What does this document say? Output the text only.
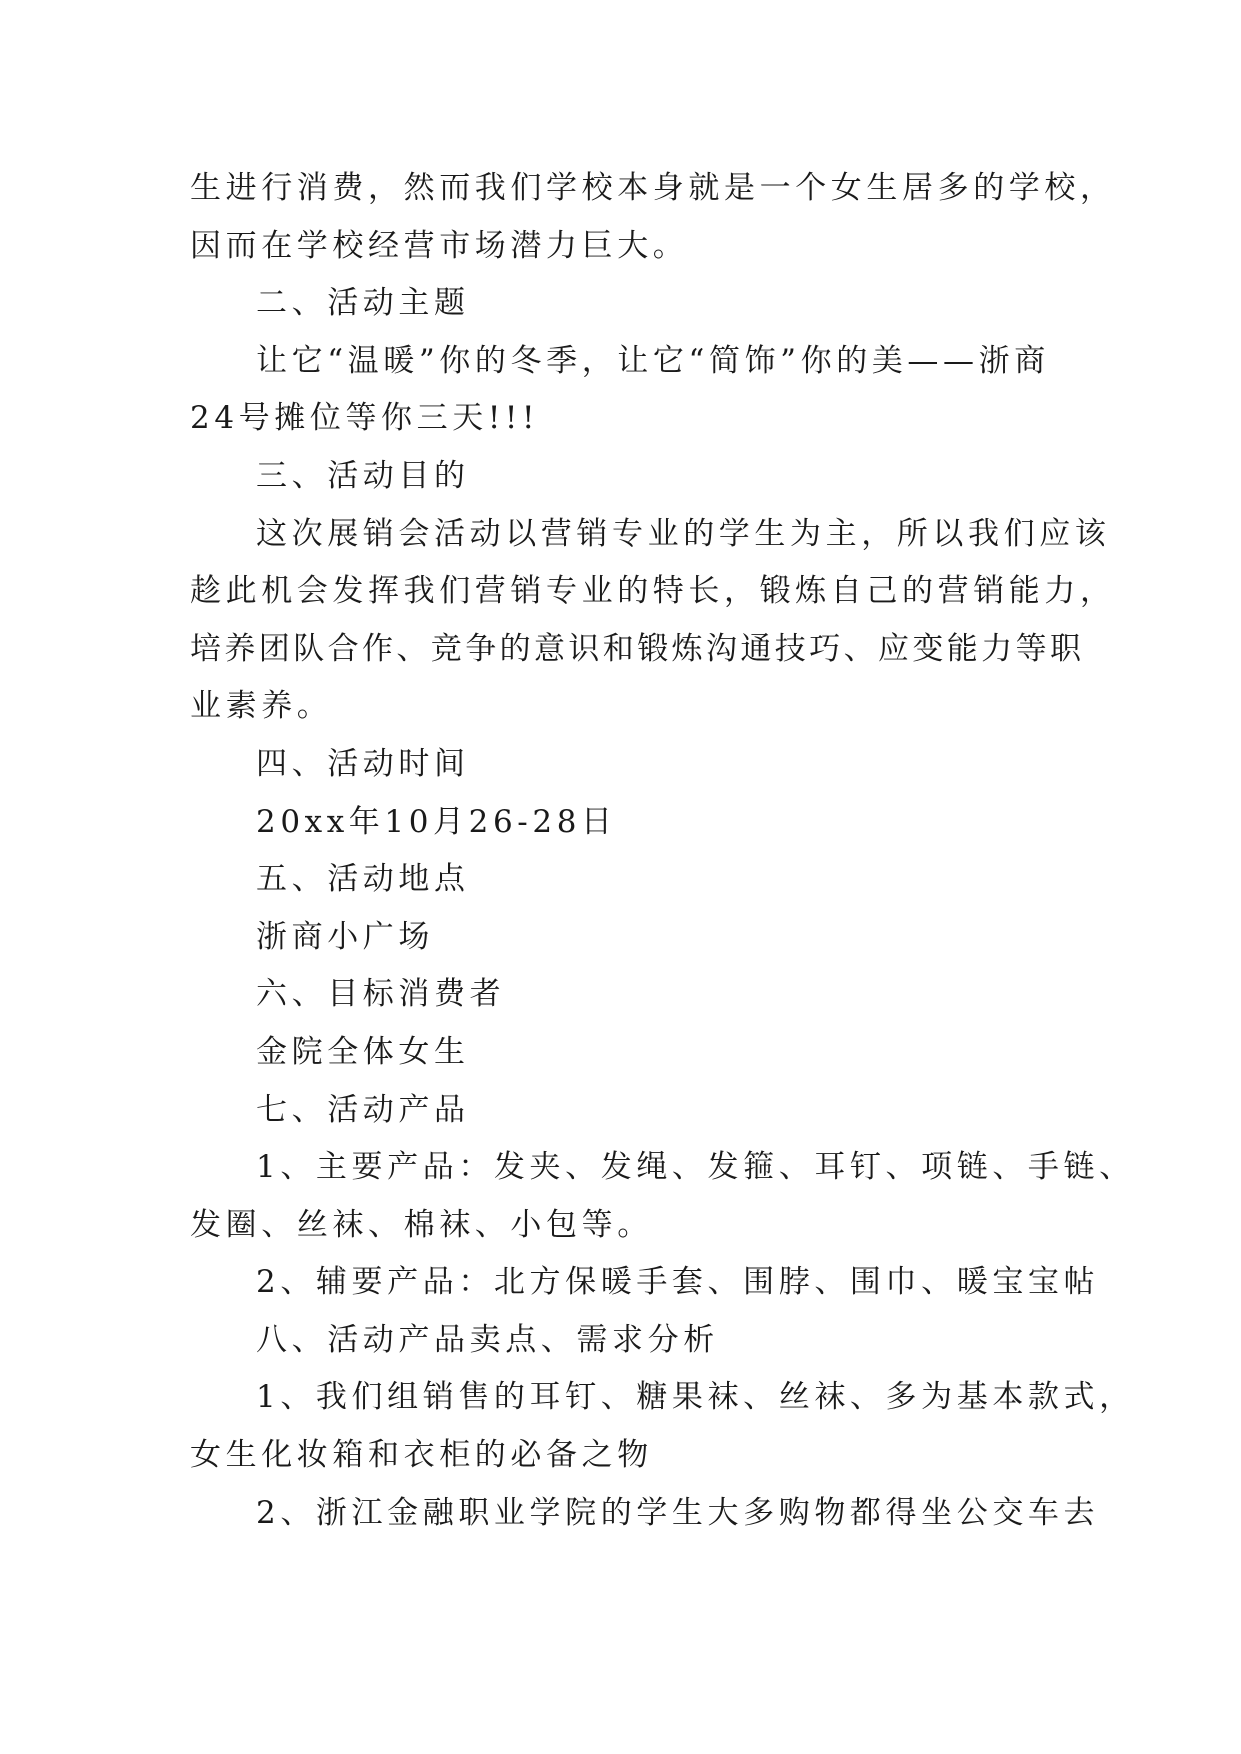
生进行消费，然而我们学校本身就是一个女生居多的学校，
因而在学校经营市场潜力巨大。
二、活动主题
让它“温暖”你的冬季，让它“简饰”你的美——浙商
24号摊位等你三天!!!
三、活动目的
这次展销会活动以营销专业的学生为主，所以我们应该
趁此机会发挥我们营销专业的特长，锻炼自己的营销能力，
培养团队合作、竞争的意识和锻炼沟通技巧、应变能力等职
业素养。
四、活动时间
20xx年10月26-28日
五、活动地点
浙商小广场
六、目标消费者
金院全体女生
七、活动产品
1、主要产品：发夹、发绳、发箍、耳钉、项链、手链、
发圈、丝袜、棉袜、小包等。
2、辅要产品：北方保暖手套、围脖、围巾、暖宝宝帖
八、活动产品卖点、需求分析
1、我们组销售的耳钉、糖果袜、丝袜、多为基本款式，
女生化妆箱和衣柜的必备之物
2、浙江金融职业学院的学生大多购物都得坐公交车去
